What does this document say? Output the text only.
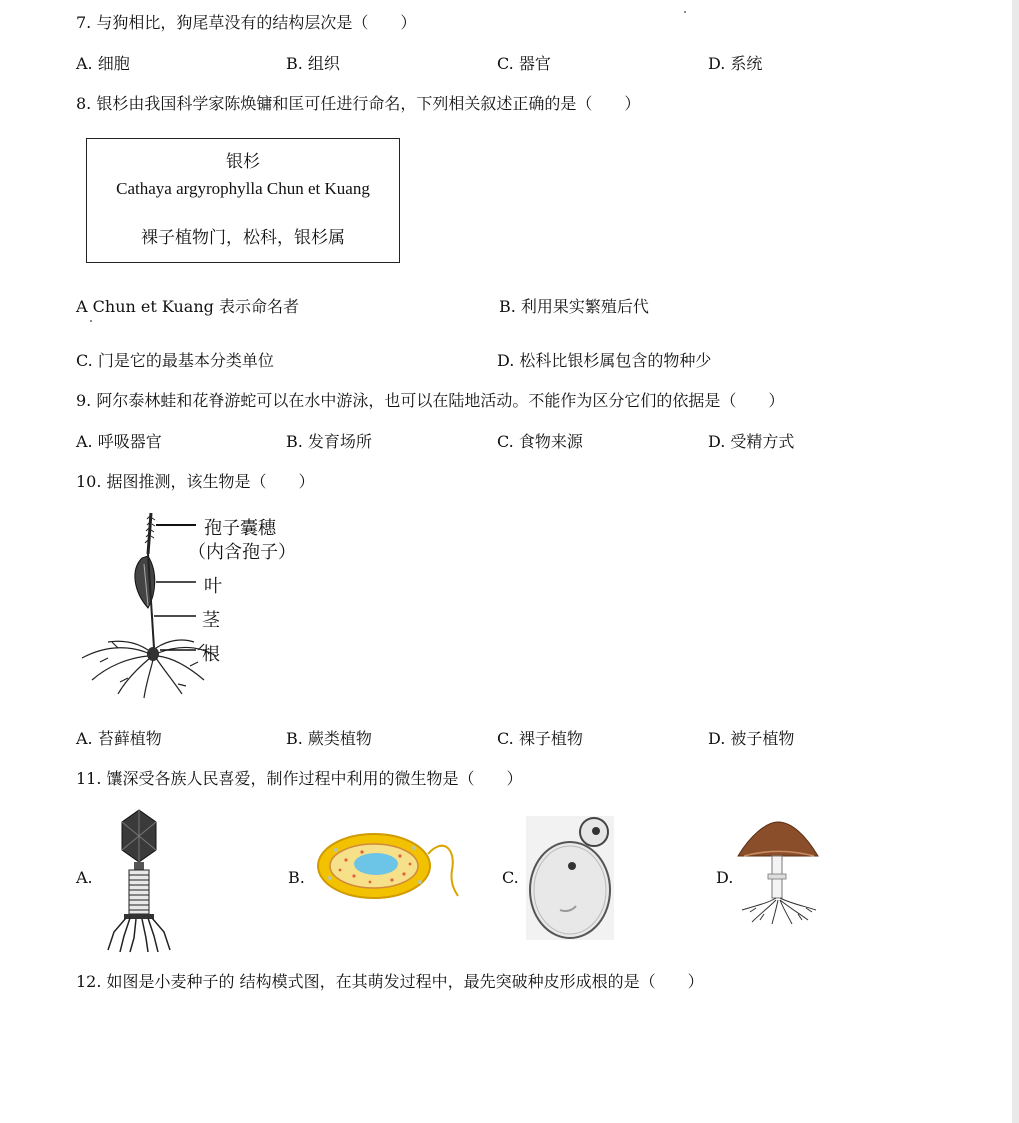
7. 与狗相比，狗尾草没有的结构层次是（　　）
A. 细胞	B. 组织	C. 器官	D. 系统
8. 银杉由我国科学家陈焕镛和匡可任进行命名，下列相关叙述正确的是（　　）
银杉
Cathaya argyrophylla Chun et Kuang
裸子植物门，松科，银杉属
A Chun et Kuang 表示命名者	B. 利用果实繁殖后代
C. 门是它的最基本分类单位	D. 松科比银杉属包含的物种少
9. 阿尔泰林蛙和花脊游蛇可以在水中游泳，也可以在陆地活动。不能作为区分它们的依据是（　　）
A. 呼吸器官	B. 发育场所	C. 食物来源	D. 受精方式
10. 据图推测，该生物是（　　）
孢子囊穗
（内含孢子）
叶
茎
根
A. 苔藓植物	B. 蕨类植物	C. 裸子植物	D. 被子植物
11. 馕深受各族人民喜爱，制作过程中利用的微生物是（　　）
A.	B.	C.	D.
12. 如图是小麦种子的 结构模式图，在其萌发过程中，最先突破种皮形成根的是（　　）
